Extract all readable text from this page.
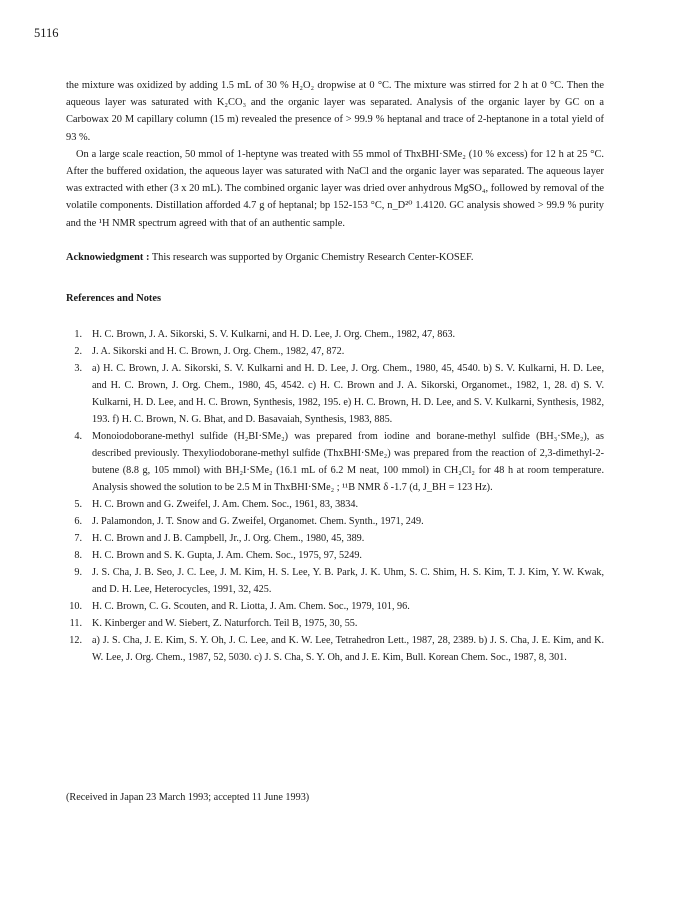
5116

the mixture was oxidized by adding 1.5 mL of 30 % H₂O₂ dropwise at 0 °C. The mixture was stirred for 2 h at 0 °C. Then the aqueous layer was saturated with K₂CO₃ and the organic layer was separated. Analysis of the organic layer by GC on a Carbowax 20 M capillary column (15 m) revealed the presence of > 99.9 % heptanal and trace of 2-heptanone in a total yield of 93 %.

On a large scale reaction, 50 mmol of 1-heptyne was treated with 55 mmol of ThxBHI·SMe₂ (10 % excess) for 12 h at 25 °C. After the buffered oxidation, the aqueous layer was saturated with NaCl and the organic layer was separated. The aqueous layer was extracted with ether (3 x 20 mL). The combined organic layer was dried over anhydrous MgSO₄, followed by removal of the volatile components. Distillation afforded 4.7 g of heptanal; bp 152-153 °C, n_D²⁰ 1.4120. GC analysis showed > 99.9 % purity and the ¹H NMR spectrum agreed with that of an authentic sample.

Acknowiedgment : This research was supported by Organic Chemistry Research Center-KOSEF.
References and Notes
1. H. C. Brown, J. A. Sikorski, S. V. Kulkarni, and H. D. Lee, J. Org. Chem., 1982, 47, 863.
2. J. A. Sikorski and H. C. Brown, J. Org. Chem., 1982, 47, 872.
3. a) H. C. Brown, J. A. Sikorski, S. V. Kulkarni and H. D. Lee, J. Org. Chem., 1980, 45, 4540. b) S. V. Kulkarni, H. D. Lee, and H. C. Brown, J. Org. Chem., 1980, 45, 4542. c) H. C. Brown and J. A. Sikorski, Organomet., 1982, 1, 28. d) S. V. Kulkarni, H. D. Lee, and H. C. Brown, Synthesis, 1982, 195. e) H. C. Brown, H. D. Lee, and S. V. Kulkarni, Synthesis, 1982, 193. f) H. C. Brown, N. G. Bhat, and D. Basavaiah, Synthesis, 1983, 885.
4. Monoiodoborane-methyl sulfide (H₂BI·SMe₂) was prepared from iodine and borane-methyl sulfide (BH₃·SMe₂), as described previously. Thexyliodoborane-methyl sulfide (ThxBHI·SMe₂) was prepared from the reaction of 2,3-dimethyl-2-butene (8.8 g, 105 mmol) with BH₂I·SMe₂ (16.1 mL of 6.2 M neat, 100 mmol) in CH₂Cl₂ for 48 h at room temperature. Analysis showed the solution to be 2.5 M in ThxBHI·SMe₂ ; ¹¹B NMR δ -1.7 (d, J_BH = 123 Hz).
5. H. C. Brown and G. Zweifel, J. Am. Chem. Soc., 1961, 83, 3834.
6. J. Palamondon, J. T. Snow and G. Zweifel, Organomet. Chem. Synth., 1971, 249.
7. H. C. Brown and J. B. Campbell, Jr., J. Org. Chem., 1980, 45, 389.
8. H. C. Brown and S. K. Gupta, J. Am. Chem. Soc., 1975, 97, 5249.
9. J. S. Cha, J. B. Seo, J. C. Lee, J. M. Kim, H. S. Lee, Y. B. Park, J. K. Uhm, S. C. Shim, H. S. Kim, T. J. Kim, Y. W. Kwak, and D. H. Lee, Heterocycles, 1991, 32, 425.
10. H. C. Brown, C. G. Scouten, and R. Liotta, J. Am. Chem. Soc., 1979, 101, 96.
11. K. Kinberger and W. Siebert, Z. Naturforch. Teil B, 1975, 30, 55.
12. a) J. S. Cha, J. E. Kim, S. Y. Oh, J. C. Lee, and K. W. Lee, Tetrahedron Lett., 1987, 28, 2389. b) J. S. Cha, J. E. Kim, and K. W. Lee, J. Org. Chem., 1987, 52, 5030. c) J. S. Cha, S. Y. Oh, and J. E. Kim, Bull. Korean Chem. Soc., 1987, 8, 301.
(Received in Japan 23 March 1993; accepted 11 June 1993)
